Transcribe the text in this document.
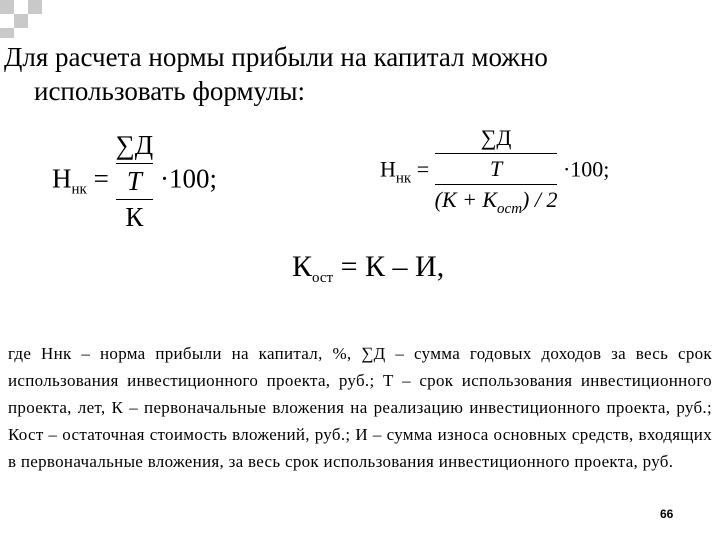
Для расчета нормы прибыли на капитал можно
использовать формулы:
$Н_{нк}$ =
∑Д
Т
К
·100;	$Н_{нк}$ =
∑Д
Т
$(К + К_{ост}) / 2$
·100;
$К_{ост} = К - И$,
где Ннк – норма прибыли на капитал, %, ∑Д – сумма годовых доходов за весь срок использования инвестиционного проекта, руб.; Т – срок использования инвестиционного проекта, лет, К – первоначальные вложения на реализацию инвестиционного проекта, руб.; Кост – остаточная стоимость вложений, руб.; И – сумма износа основных средств, входящих в первоначальные вложения, за весь срок использования инвестиционного проекта, руб.
66
